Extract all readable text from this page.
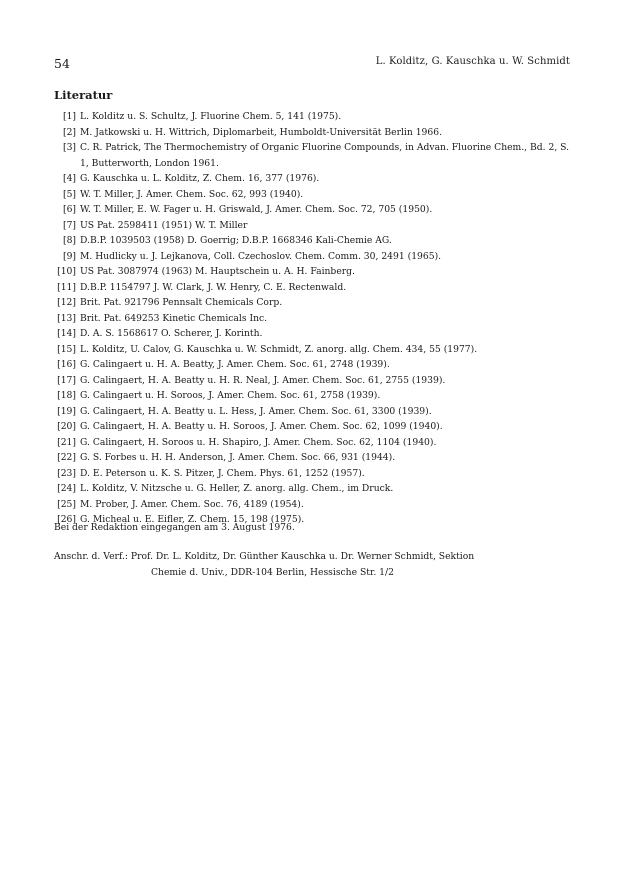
54	L. Kolditz, G. Kauschka u. W. Schmidt
Literatur
[1] L. Kolditz u. S. Schultz, J. Fluorine Chem. 5, 141 (1975).
[2] M. Jatkowski u. H. Wittrich, Diplomarbeit, Humboldt-Universität Berlin 1966.
[3] C. R. Patrick, The Thermochemistry of Organic Fluorine Compounds, in Advan. Fluorine Chem., Bd. 2, S. 1, Butterworth, London 1961.
[4] G. Kauschka u. L. Kolditz, Z. Chem. 16, 377 (1976).
[5] W. T. Miller, J. Amer. Chem. Soc. 62, 993 (1940).
[6] W. T. Miller, E. W. Fager u. H. Griswald, J. Amer. Chem. Soc. 72, 705 (1950).
[7] US Pat. 2598411 (1951) W. T. Miller
[8] D.B.P. 1039503 (1958) D. Goerrig; D.B.P. 1668346 Kali-Chemie AG.
[9] M. Hudlicky u. J. Lejkanova, Coll. Czechoslov. Chem. Comm. 30, 2491 (1965).
[10] US Pat. 3087974 (1963) M. Hauptschein u. A. H. Fainberg.
[11] D.B.P. 1154797 J. W. Clark, J. W. Henry, C. E. Rectenwald.
[12] Brit. Pat. 921796 Pennsalt Chemicals Corp.
[13] Brit. Pat. 649253 Kinetic Chemicals Inc.
[14] D. A. S. 1568617 O. Scherer, J. Korinth.
[15] L. Kolditz, U. Calov, G. Kauschka u. W. Schmidt, Z. anorg. allg. Chem. 434, 55 (1977).
[16] G. Calingaert u. H. A. Beatty, J. Amer. Chem. Soc. 61, 2748 (1939).
[17] G. Calingaert, H. A. Beatty u. H. R. Neal, J. Amer. Chem. Soc. 61, 2755 (1939).
[18] G. Calingaert u. H. Soroos, J. Amer. Chem. Soc. 61, 2758 (1939).
[19] G. Calingaert, H. A. Beatty u. L. Hess, J. Amer. Chem. Soc. 61, 3300 (1939).
[20] G. Calingaert, H. A. Beatty u. H. Soroos, J. Amer. Chem. Soc. 62, 1099 (1940).
[21] G. Calingaert, H. Soroos u. H. Shapiro, J. Amer. Chem. Soc. 62, 1104 (1940).
[22] G. S. Forbes u. H. H. Anderson, J. Amer. Chem. Soc. 66, 931 (1944).
[23] D. E. Peterson u. K. S. Pitzer, J. Chem. Phys. 61, 1252 (1957).
[24] L. Kolditz, V. Nitzsche u. G. Heller, Z. anorg. allg. Chem., im Druck.
[25] M. Prober, J. Amer. Chem. Soc. 76, 4189 (1954).
[26] G. Micheal u. E. Eifler, Z. Chem. 15, 198 (1975).
Bei der Redaktion eingegangen am 3. August 1976.
Anschr. d. Verf.: Prof. Dr. L. Kolditz, Dr. Günther Kauschka u. Dr. Werner Schmidt, Sektion
Chemie d. Univ., DDR-104 Berlin, Hessische Str. 1/2
